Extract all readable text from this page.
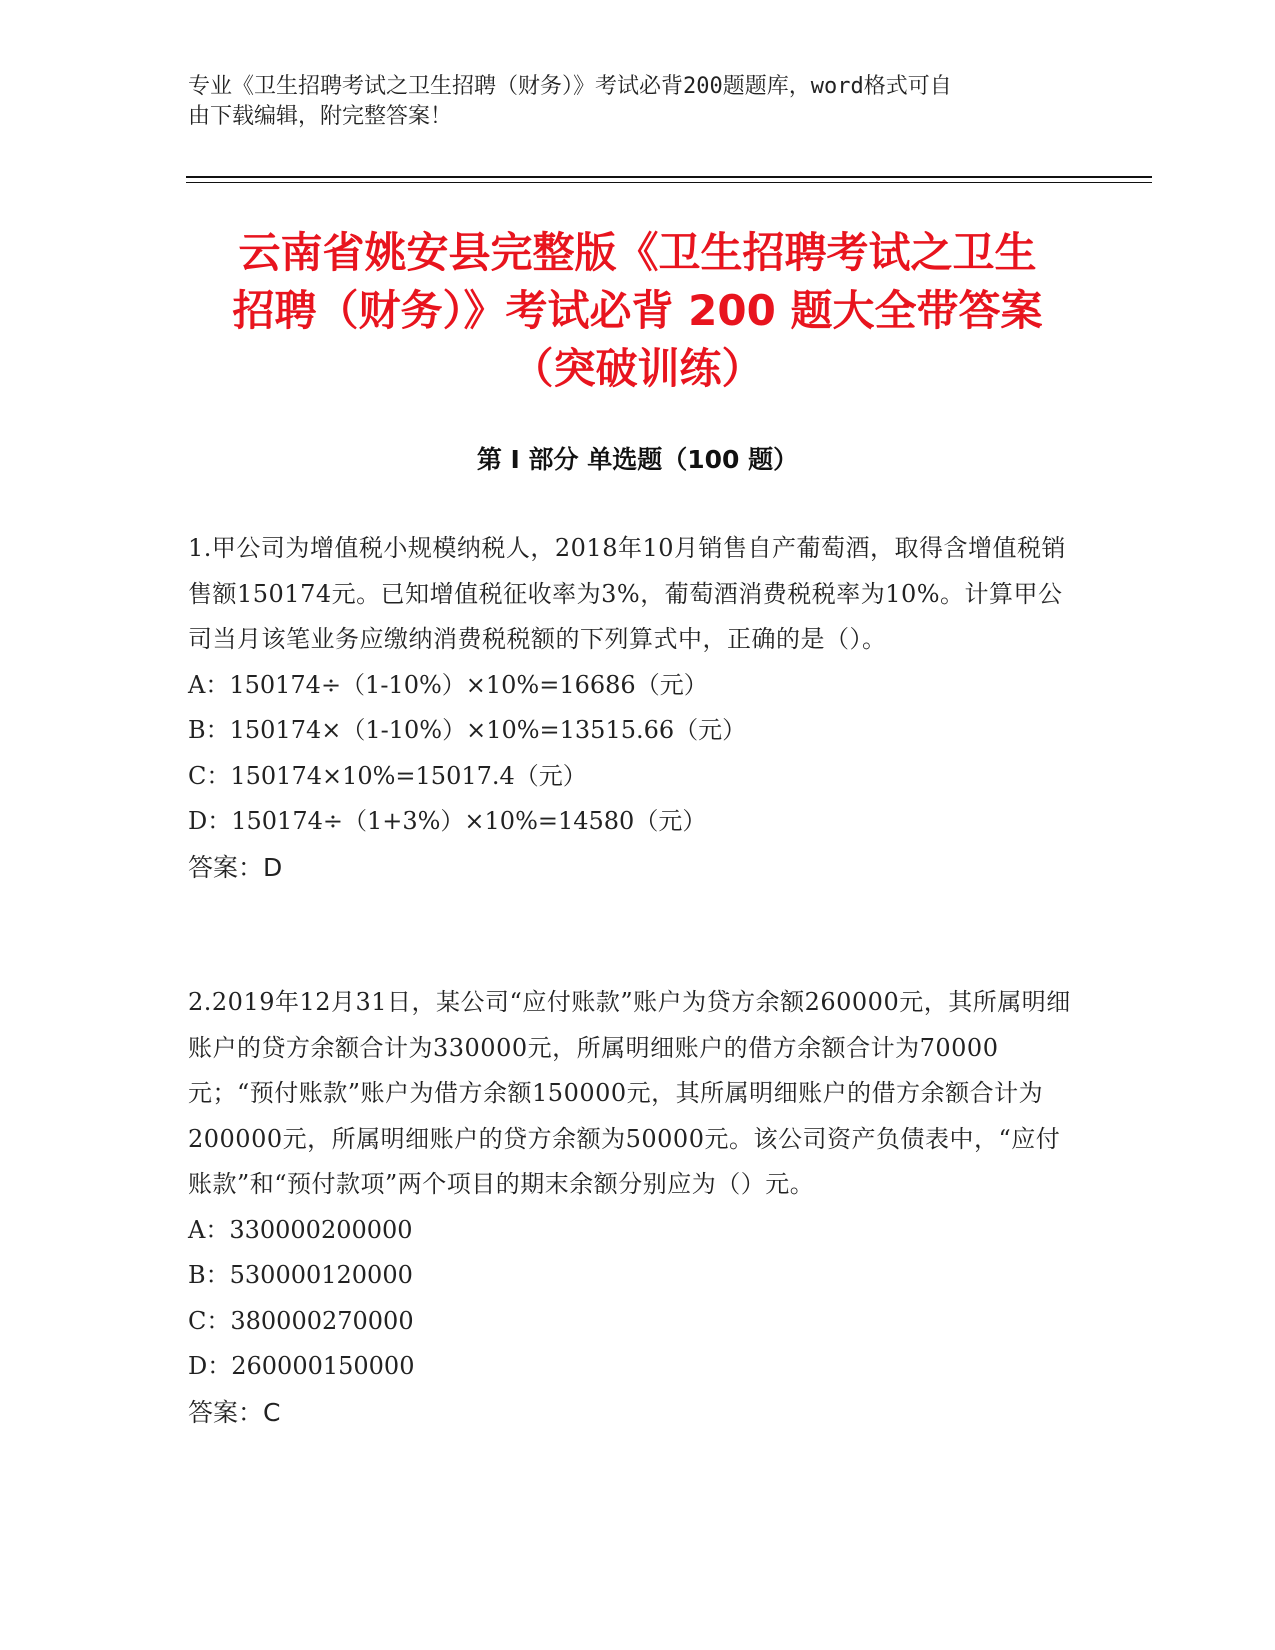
专业《卫生招聘考试之卫生招聘（财务）》考试必背200题题库，word格式可自
由下载编辑，附完整答案！
云南省姚安县完整版《卫生招聘考试之卫生
招聘（财务）》考试必背 200 题大全带答案
（突破训练）
第 I 部分 单选题（100 题）
1.甲公司为增值税小规模纳税人，2018年10月销售自产葡萄酒，取得含增值税销售额150174元。已知增值税征收率为3%，葡萄酒消费税税率为10%。计算甲公司当月该笔业务应缴纳消费税税额的下列算式中，正确的是（）。
A：150174÷（1-10%）×10%=16686（元）
B：150174×（1-10%）×10%=13515.66（元）
C：150174×10%=15017.4（元）
D：150174÷（1+3%）×10%=14580（元）
答案：D
2.2019年12月31日，某公司“应付账款”账户为贷方余额260000元，其所属明细账户的贷方余额合计为330000元，所属明细账户的借方余额合计为70000元；“预付账款”账户为借方余额150000元，其所属明细账户的借方余额合计为200000元，所属明细账户的贷方余额为50000元。该公司资产负债表中，“应付账款”和“预付款项”两个项目的期末余额分别应为（）元。
A：330000200000
B：530000120000
C：380000270000
D：260000150000
答案：C
